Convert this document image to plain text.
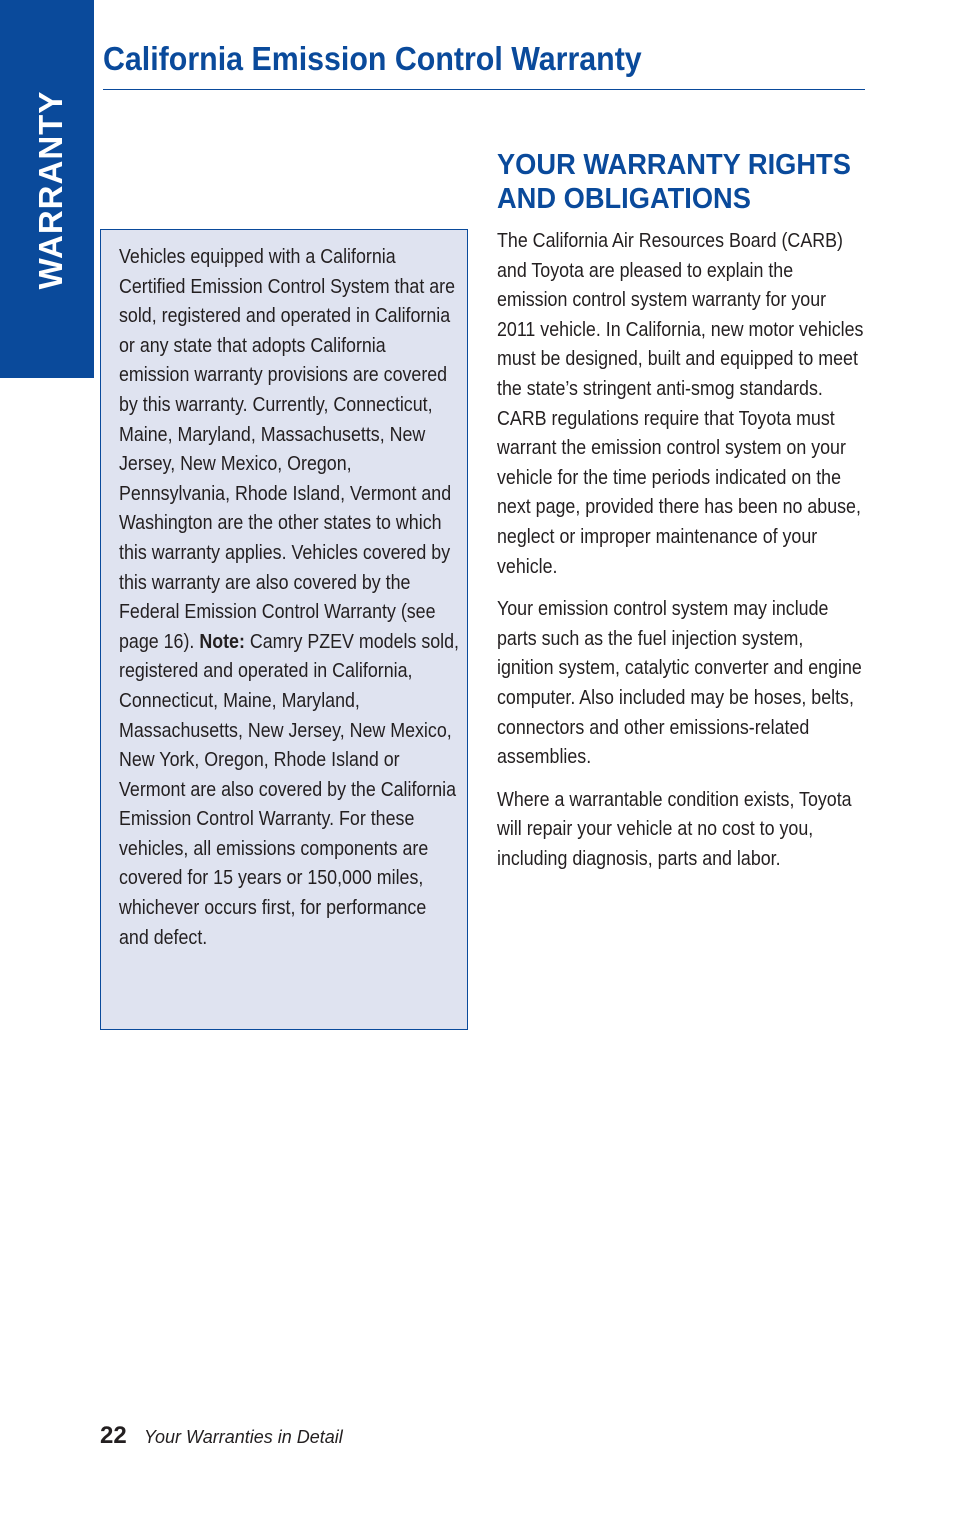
WARRANTY
California Emission Control Warranty

Vehicles equipped with a California Certified Emission Control System that are sold, registered and operated in California or any state that adopts California emission warranty provisions are covered by this warranty. Currently, Connecticut, Maine, Maryland, Massachusetts, New Jersey, New Mexico, Oregon, Pennsylvania, Rhode Island, Vermont and Washington are the other states to which this warranty applies. Vehicles covered by this warranty are also covered by the Federal Emission Control Warranty (see page 16). Note: Camry PZEV models sold, registered and operated in California, Connecticut, Maine, Maryland, Massachusetts, New Jersey, New Mexico, New York, Oregon, Rhode Island or Vermont are also covered by the California Emission Control Warranty. For these vehicles, all emissions components are covered for 15 years or 150,000 miles, whichever occurs first, for performance and defect.

YOUR WARRANTY RIGHTS
AND OBLIGATIONS

The California Air Resources Board (CARB) and Toyota are pleased to explain the emission control system warranty for your 2011 vehicle. In California, new motor vehicles must be designed, built and equipped to meet the state’s stringent anti-smog standards. CARB regulations require that Toyota must warrant the emission control system on your vehicle for the time periods indicated on the next page, provided there has been no abuse, neglect or improper maintenance of your vehicle.

Your emission control system may include parts such as the fuel injection system, ignition system, catalytic converter and engine computer. Also included may be hoses, belts, connectors and other emissions-related assemblies.

Where a warrantable condition exists, Toyota will repair your vehicle at no cost to you, including diagnosis, parts and labor.

22 Your Warranties in Detail
